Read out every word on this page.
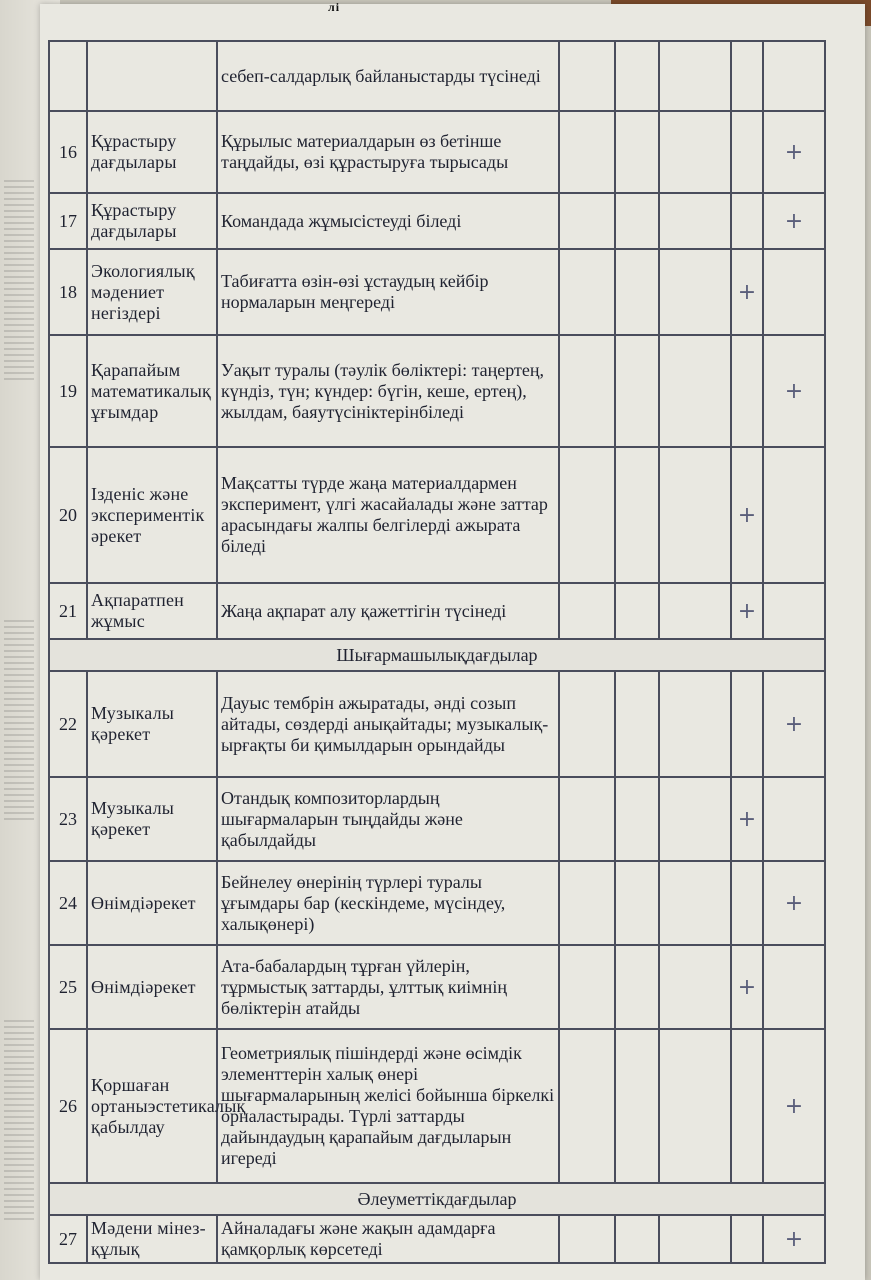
лі
		себеп-салдарлық байланыстарды түсінеді					
16	Құрастыру дағдылары	Құрылыс материалдарын өз бетінше таңдайды, өзі құрастыруға тырысады					+
17	Құрастыру дағдылары	Командада жұмысістеуді біледі					+
18	Экологиялық мәдениет негіздері	Табиғатта өзін-өзі ұстаудың кейбір нормаларын меңгереді				+	
19	Қарапайым математикалық ұғымдар	Уақыт туралы (тәулік бөліктері: таңертең, күндіз, түн; күндер: бүгін, кеше, ертең), жылдам, баяутүсініктерінбіледі					+
20	Ізденіс және экспериментік әрекет	Мақсатты түрде жаңа материалдармен эксперимент, үлгі жасайалады және заттар арасындағы жалпы белгілерді ажырата біледі				+	
21	Ақпаратпен жұмыс	Жаңа ақпарат алу қажеттігін түсінеді				+	
Шығармашылықдағдылар							
22	Музыкалы қәрекет	Дауыс тембрін ажыратады, әнді созып айтады, сөздерді анықайтады; музыкалық-ырғақты би қимылдарын орындайды					+
23	Музыкалы қәрекет	Отандық композиторлардың шығармаларын тыңдайды және қабылдайды				+	
24	Өнімдіәрекет	Бейнелеу өнерінің түрлері туралы ұғымдары бар (кескіндеме, мүсіндеу, халықөнері)					+
25	Өнімдіәрекет	Ата-бабалардың тұрған үйлерін, тұрмыстық заттарды, ұлттық киімнің бөліктерін атайды				+	
26	Қоршаған ортаныэстетикалық қабылдау	Геометриялық пішіндерді және өсімдік элементтерін халық өнері шығармаларының желісі бойынша біркелкі орналастырады. Түрлі заттарды дайындаудың қарапайым дағдыларын игереді					+
Әлеуметтікдағдылар							
27	Мәдени мінез-құлық	Айналадағы және жақын адамдарға қамқорлық көрсетеді					+
